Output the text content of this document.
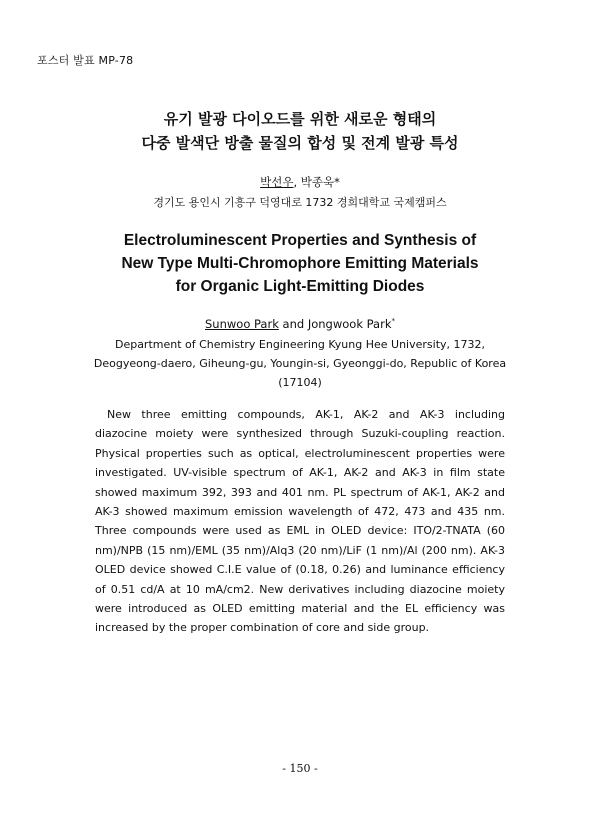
포스터 발표 MP-78
유기 발광 다이오드를 위한 새로운 형태의
다중 발색단 방출 물질의 합성 및 전계 발광 특성
박선우, 박종욱*
경기도 용인시 기흥구 덕영대로 1732 경희대학교 국제캠퍼스
Electroluminescent Properties and Synthesis of
New Type Multi-Chromophore Emitting Materials
for Organic Light-Emitting Diodes
Sunwoo Park and Jongwook Park*
Department of Chemistry Engineering Kyung Hee University, 1732,
Deogyeong-daero, Giheung-gu, Youngin-si, Gyeonggi-do, Republic of Korea
(17104)

New three emitting compounds, AK-1, AK-2 and AK-3 including diazocine moiety were synthesized through Suzuki-coupling reaction. Physical properties such as optical, electroluminescent properties were investigated. UV-visible spectrum of AK-1, AK-2 and AK-3 in film state showed maximum 392, 393 and 401 nm. PL spectrum of AK-1, AK-2 and AK-3 showed maximum emission wavelength of 472, 473 and 435 nm. Three compounds were used as EML in OLED device: ITO/2-TNATA (60 nm)/NPB (15 nm)/EML (35 nm)/Alq3 (20 nm)/LiF (1 nm)/Al (200 nm). AK-3 OLED device showed C.I.E value of (0.18, 0.26) and luminance efficiency of 0.51 cd/A at 10 mA/cm2. New derivatives including diazocine moiety were introduced as OLED emitting material and the EL efficiency was increased by the proper combination of core and side group.

- 150 -
